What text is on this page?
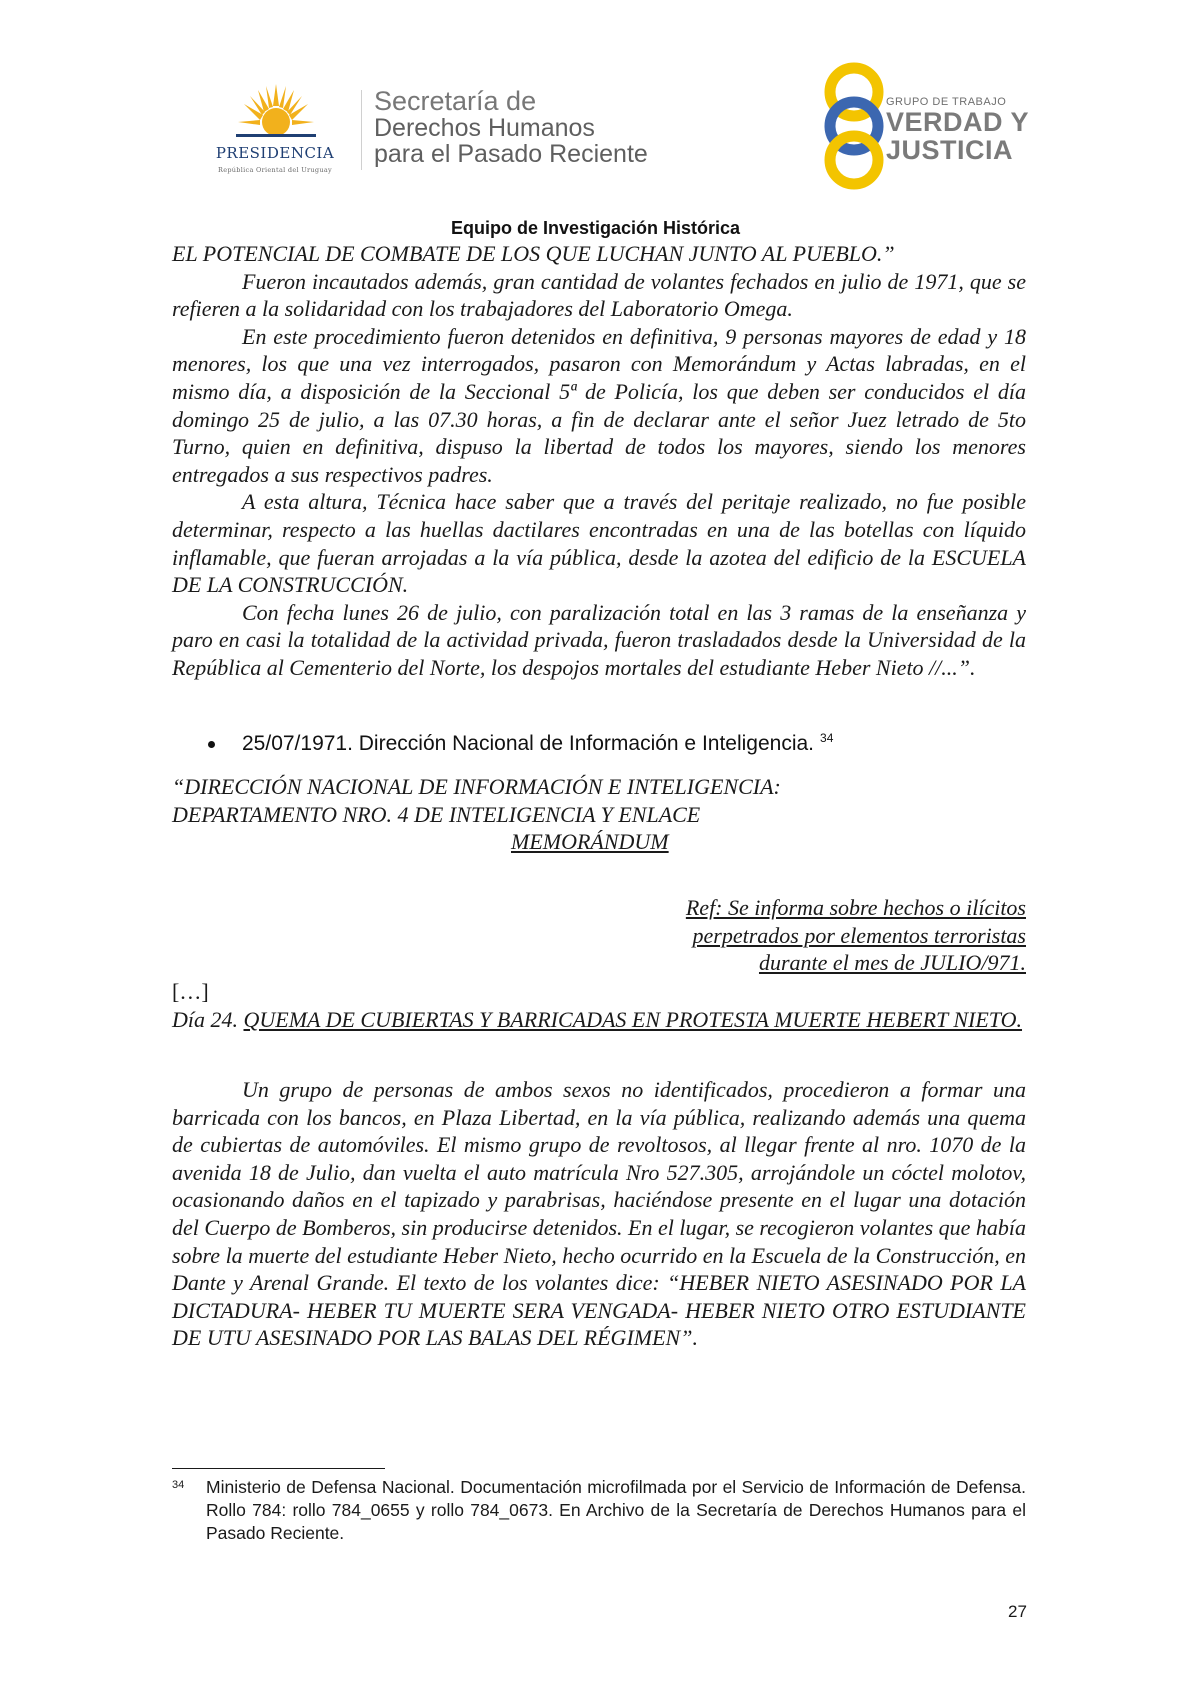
PRESIDENCIA
República Oriental del Uruguay
Secretaría de
Derechos Humanos
para el Pasado Reciente
GRUPO DE TRABAJO
VERDAD Y
JUSTICIA
Equipo de Investigación Histórica

EL POTENCIAL DE COMBATE DE LOS QUE LUCHAN JUNTO AL PUEBLO.”

Fueron incautados además, gran cantidad de volantes fechados en julio de 1971, que se refieren a la solidaridad con los trabajadores del Laboratorio Omega.

En este procedimiento fueron detenidos en definitiva, 9 personas mayores de edad y 18 menores, los que una vez interrogados, pasaron con Memorándum y Actas labradas, en el mismo día, a disposición de la Seccional 5ª de Policía, los que deben ser conducidos el día domingo 25 de julio, a las 07.30 horas, a fin de declarar ante el señor Juez letrado de 5to Turno, quien en definitiva, dispuso la libertad de todos los mayores, siendo los menores entregados a sus respectivos padres.

A esta altura, Técnica hace saber que a través del peritaje realizado, no fue posible determinar, respecto a las huellas dactilares encontradas en una de las botellas con líquido inflamable, que fueran arrojadas a la vía pública, desde la azotea del edificio de la ESCUELA DE LA CONSTRUCCIÓN.

Con fecha lunes 26 de julio, con paralización total en las 3 ramas de la enseñanza y paro en casi la totalidad de la actividad privada, fueron trasladados desde la Universidad de la República al Cementerio del Norte, los despojos mortales del estudiante Heber Nieto //...”.

25/07/1971. Dirección Nacional de Información e Inteligencia. $^{34}$
“DIRECCIÓN NACIONAL DE INFORMACIÓN E INTELIGENCIA:
DEPARTAMENTO NRO. 4 DE INTELIGENCIA Y ENLACE
MEMORÁNDUM
Ref: Se informa sobre hechos o ilícitos
perpetrados por elementos terroristas
durante el mes de JULIO/971.
[…]

Día 24. QUEMA DE CUBIERTAS Y BARRICADAS EN PROTESTA MUERTE HEBERT NIETO.

Un grupo de personas de ambos sexos no identificados, procedieron a formar una barricada con los bancos, en Plaza Libertad, en la vía pública, realizando además una quema de cubiertas de automóviles. El mismo grupo de revoltosos, al llegar frente al nro. 1070 de la avenida 18 de Julio, dan vuelta el auto matrícula Nro 527.305, arrojándole un cóctel molotov, ocasionando daños en el tapizado y parabrisas, haciéndose presente en el lugar una dotación del Cuerpo de Bomberos, sin producirse detenidos. En el lugar, se recogieron volantes que había sobre la muerte del estudiante Heber Nieto, hecho ocurrido en la Escuela de la Construcción, en Dante y Arenal Grande. El texto de los volantes dice: “HEBER NIETO ASESINADO POR LA DICTADURA- HEBER TU MUERTE SERA VENGADA- HEBER NIETO OTRO ESTUDIANTE DE UTU ASESINADO POR LAS BALAS DEL RÉGIMEN”.

34 Ministerio de Defensa Nacional. Documentación microfilmada por el Servicio de Información de Defensa. Rollo 784: rollo 784_0655 y rollo 784_0673. En Archivo de la Secretaría de Derechos Humanos para el Pasado Reciente.
27
